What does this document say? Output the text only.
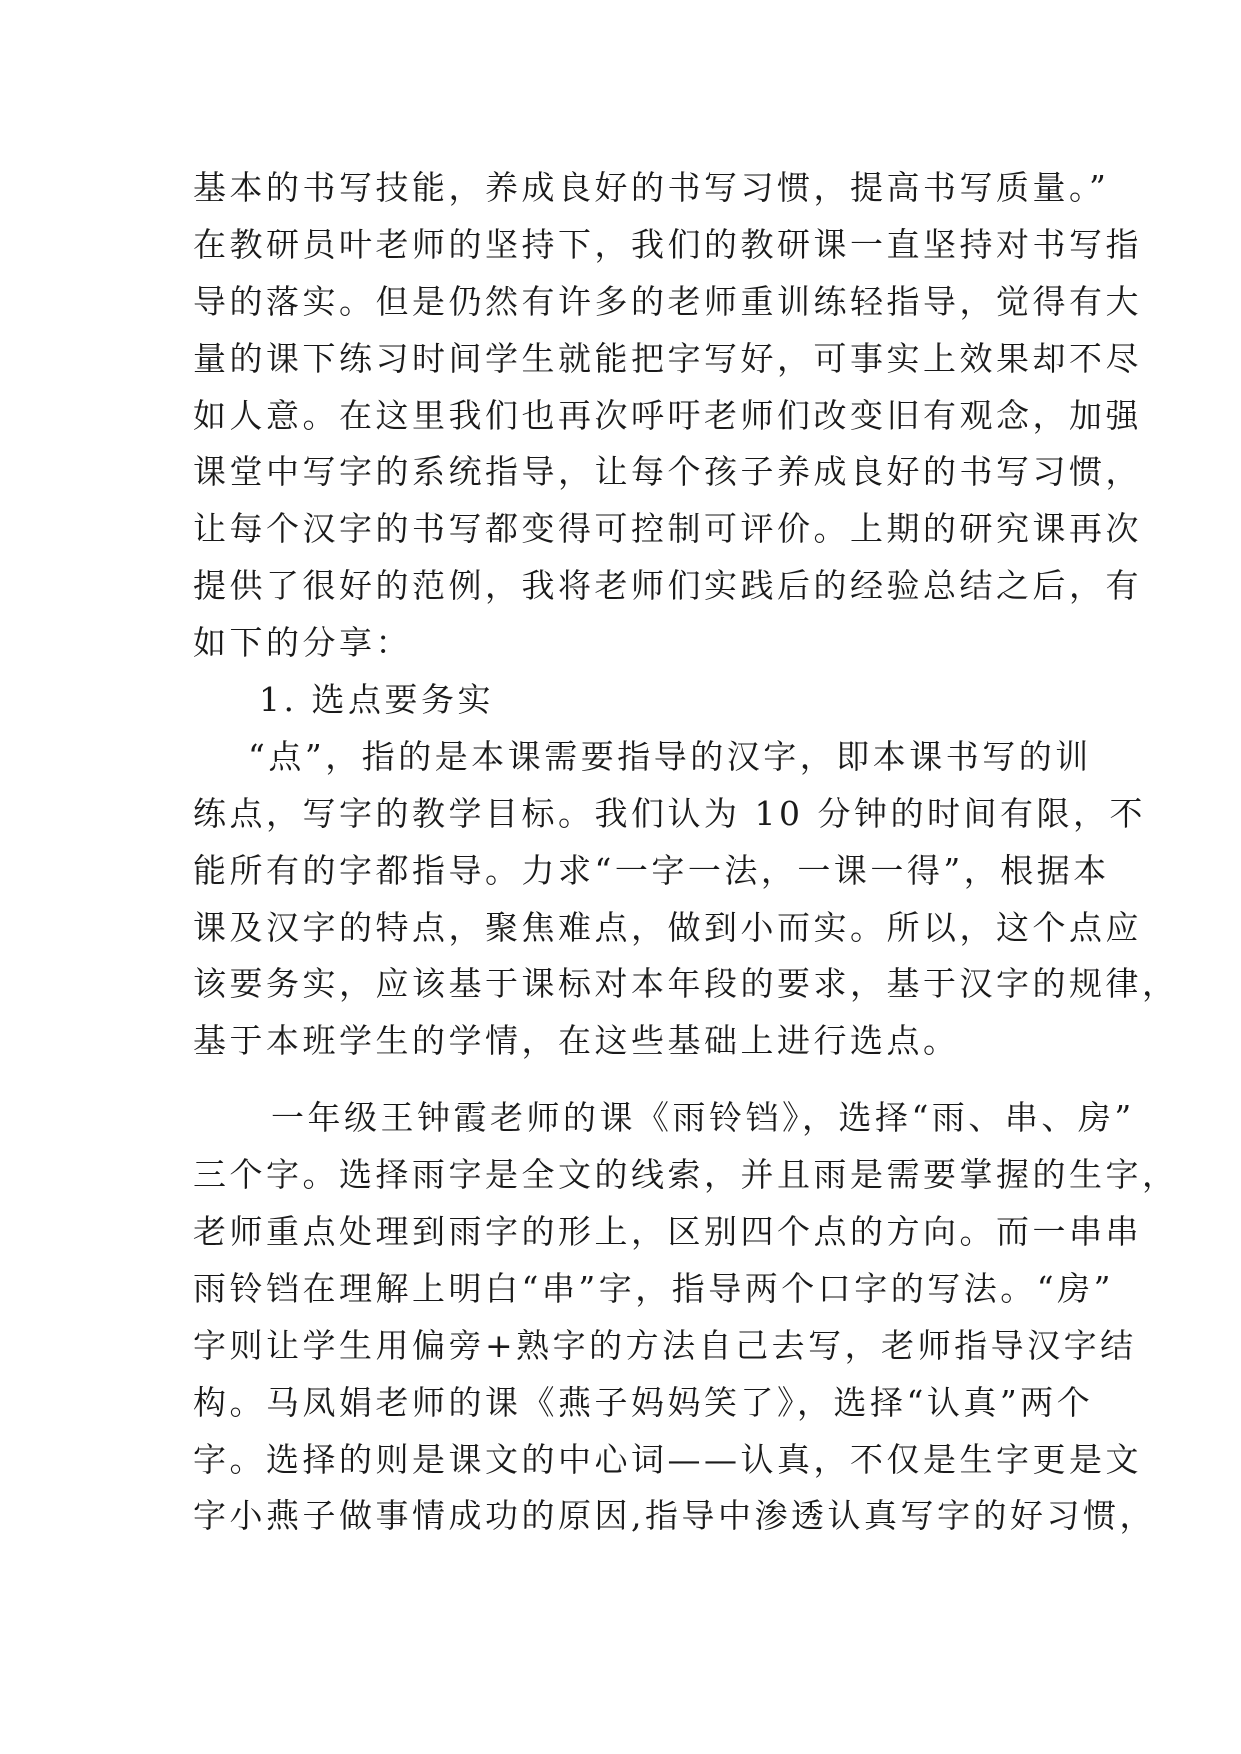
基本的书写技能，养成良好的书写习惯，提高书写质量。”
在教研员叶老师的坚持下，我们的教研课一直坚持对书写指
导的落实。但是仍然有许多的老师重训练轻指导，觉得有大
量的课下练习时间学生就能把字写好，可事实上效果却不尽
如人意。在这里我们也再次呼吁老师们改变旧有观念，加强
课堂中写字的系统指导，让每个孩子养成良好的书写习惯，
让每个汉字的书写都变得可控制可评价。上期的研究课再次
提供了很好的范例，我将老师们实践后的经验总结之后，有
如下的分享：
1. 选点要务实
“点”，指的是本课需要指导的汉字，即本课书写的训
练点，写字的教学目标。我们认为 10 分钟的时间有限，不
能所有的字都指导。力求“一字一法，一课一得”，根据本
课及汉字的特点，聚焦难点，做到小而实。所以，这个点应
该要务实，应该基于课标对本年段的要求，基于汉字的规律，
基于本班学生的学情，在这些基础上进行选点。
一年级王钟霞老师的课《雨铃铛》，选择“雨、串、房”
三个字。选择雨字是全文的线索，并且雨是需要掌握的生字，
老师重点处理到雨字的形上，区别四个点的方向。而一串串
雨铃铛在理解上明白“串”字，指导两个口字的写法。“房”
字则让学生用偏旁+熟字的方法自己去写，老师指导汉字结
构。马凤娟老师的课《燕子妈妈笑了》，选择“认真”两个
字。选择的则是课文的中心词——认真，不仅是生字更是文
字小燕子做事情成功的原因,指导中渗透认真写字的好习惯，
